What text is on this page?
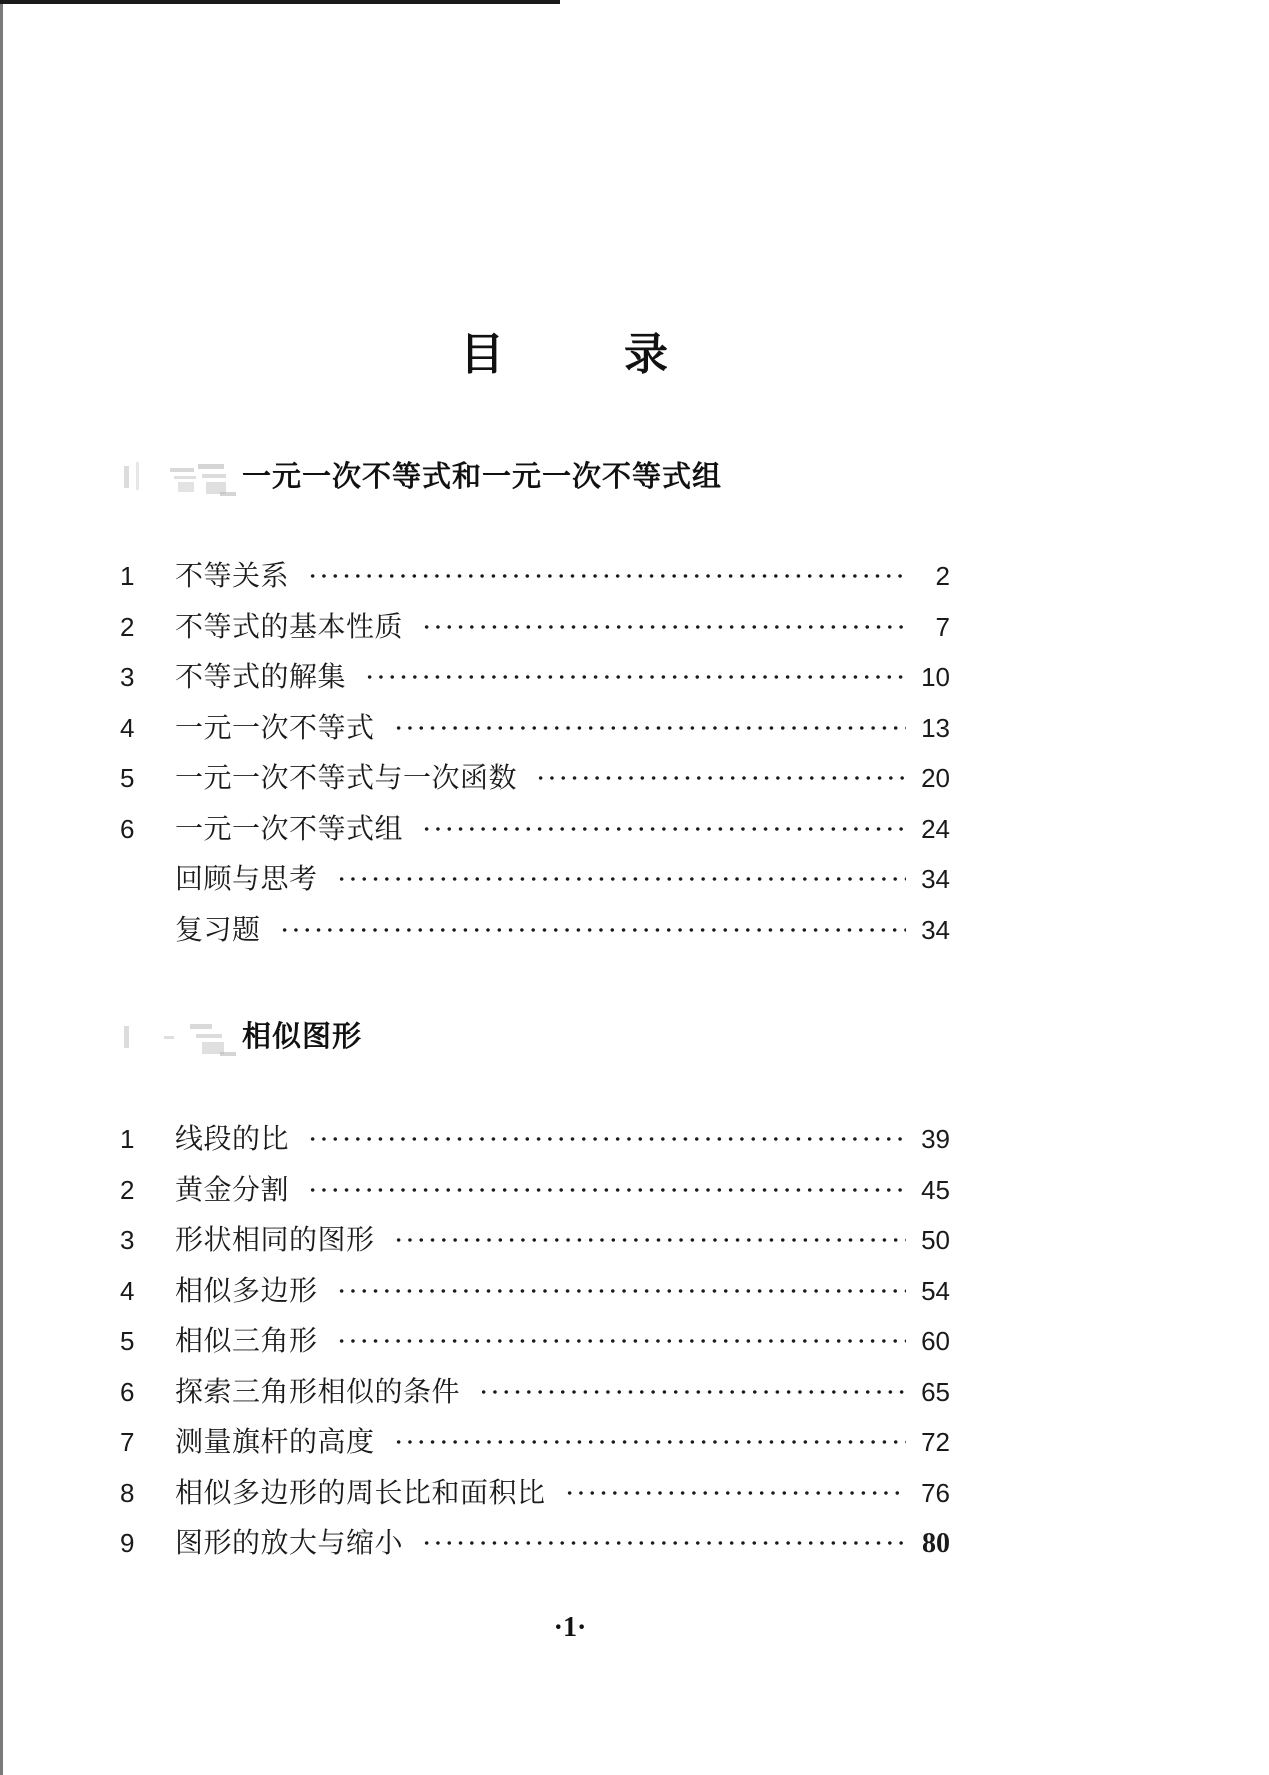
目　录
一元一次不等式和一元一次不等式组
1	不等关系	2
2	不等式的基本性质	7
3	不等式的解集	10
4	一元一次不等式	13
5	一元一次不等式与一次函数	20
6	一元一次不等式组	24
回顾与思考	34
复习题	34
相似图形
1	线段的比	39
2	黄金分割	45
3	形状相同的图形	50
4	相似多边形	54
5	相似三角形	60
6	探索三角形相似的条件	65
7	测量旗杆的高度	72
8	相似多边形的周长比和面积比	76
9	图形的放大与缩小	80
·1·
